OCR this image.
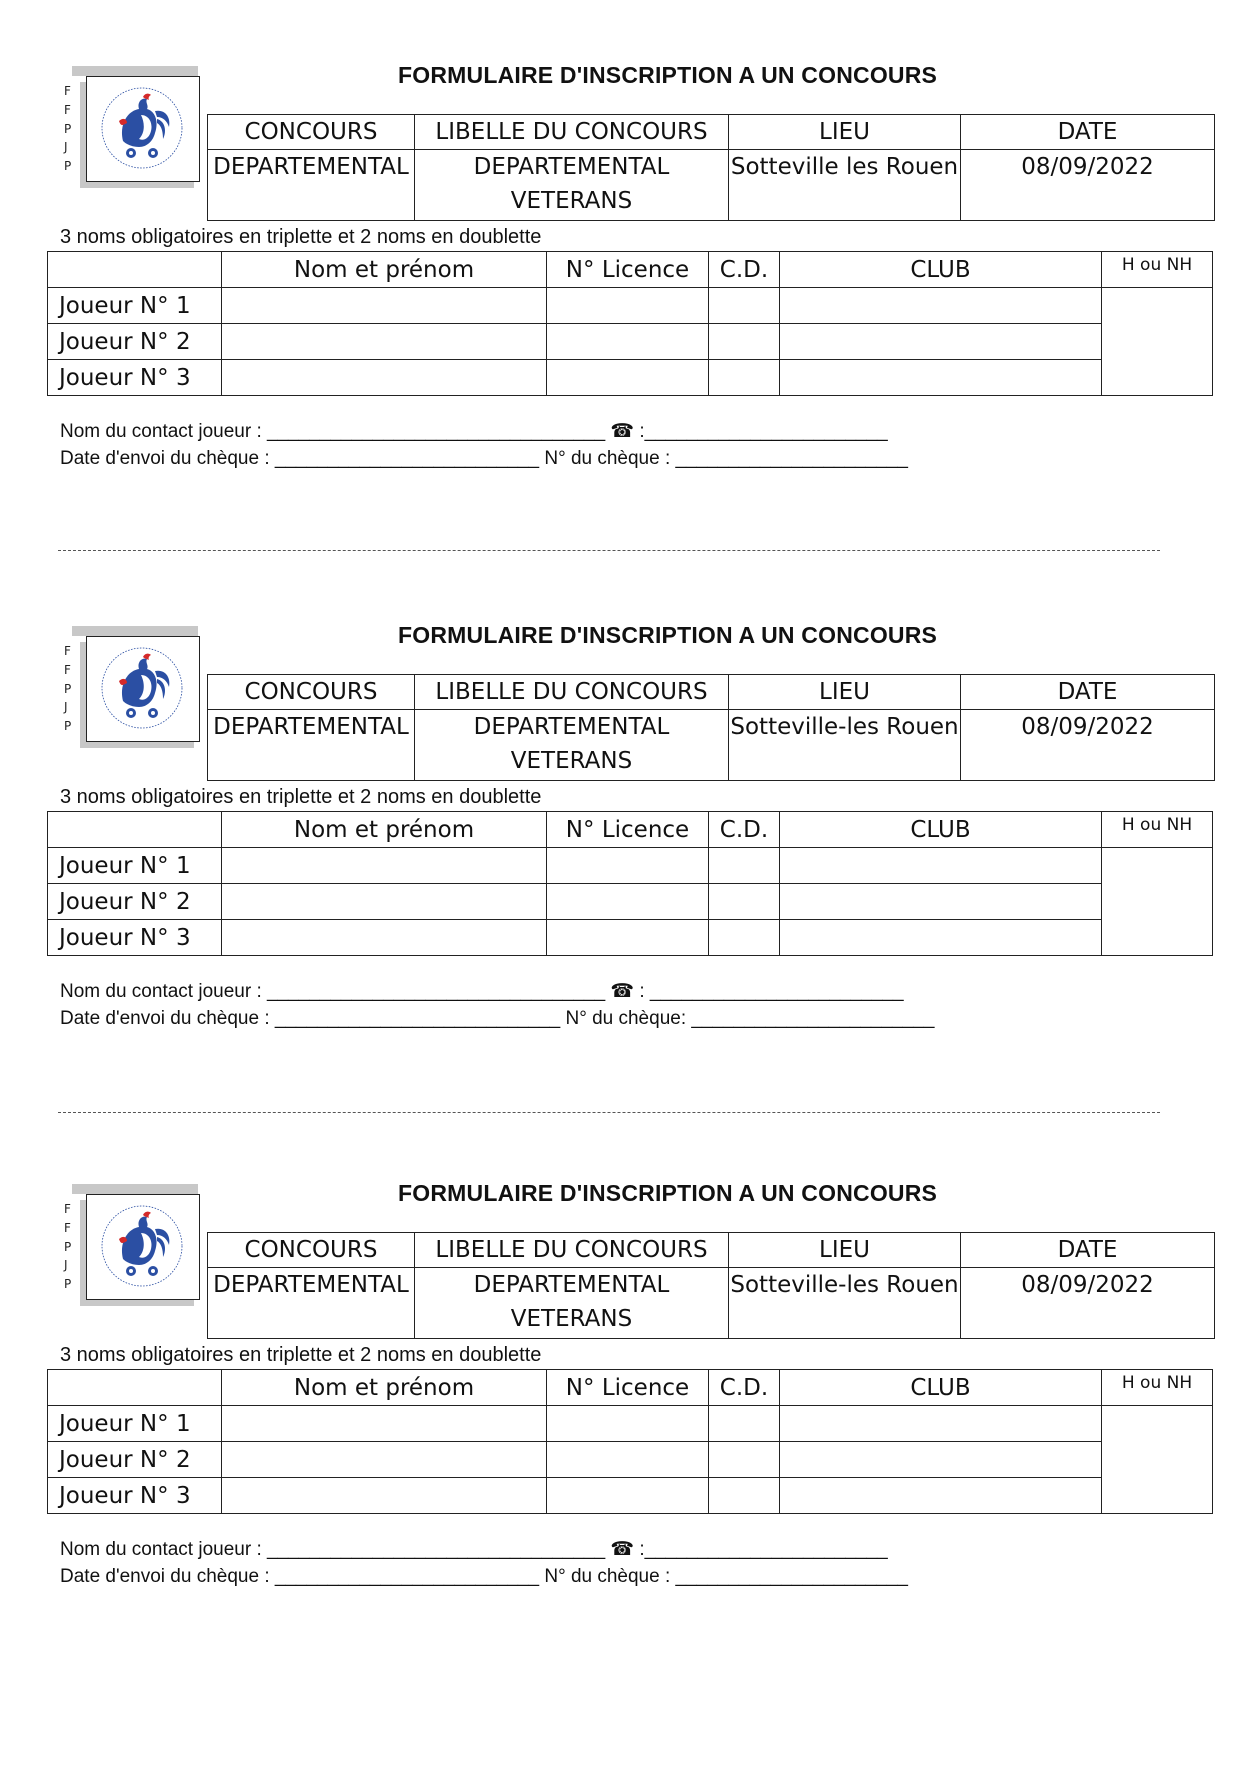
F
F
P
J
P
FORMULAIRE D'INSCRIPTION A UN CONCOURS
CONCOURS	LIBELLE DU CONCOURS	LIEU	DATE
DEPARTEMENTAL	DEPARTEMENTAL VETERANS	Sotteville les Rouen	08/09/2022
3 noms obligatoires en triplette et 2 noms en doublette
	Nom et prénom	N° Licence	C.D.	CLUB	H ou NH
Joueur N° 1					
Joueur N° 2					
Joueur N° 3					
Nom du contact joueur : ________________________________ ☎ :_______________________
Date d'envoi du chèque : _________________________ N° du chèque : ______________________
F
F
P
J
P
FORMULAIRE D'INSCRIPTION A UN CONCOURS
CONCOURS	LIBELLE DU CONCOURS	LIEU	DATE
DEPARTEMENTAL	DEPARTEMENTAL VETERANS	Sotteville-les Rouen	08/09/2022
3 noms obligatoires en triplette et 2 noms en doublette
	Nom et prénom	N° Licence	C.D.	CLUB	H ou NH
Joueur N° 1					
Joueur N° 2					
Joueur N° 3					
Nom du contact joueur : ________________________________ ☎ : ________________________
Date d'envoi du chèque : ___________________________ N° du chèque: _______________________
F
F
P
J
P
FORMULAIRE D'INSCRIPTION A UN CONCOURS
CONCOURS	LIBELLE DU CONCOURS	LIEU	DATE
DEPARTEMENTAL	DEPARTEMENTAL VETERANS	Sotteville-les Rouen	08/09/2022
3 noms obligatoires en triplette et 2 noms en doublette
	Nom et prénom	N° Licence	C.D.	CLUB	H ou NH
Joueur N° 1					
Joueur N° 2					
Joueur N° 3					
Nom du contact joueur : ________________________________ ☎ :_______________________
Date d'envoi du chèque : _________________________ N° du chèque : ______________________
